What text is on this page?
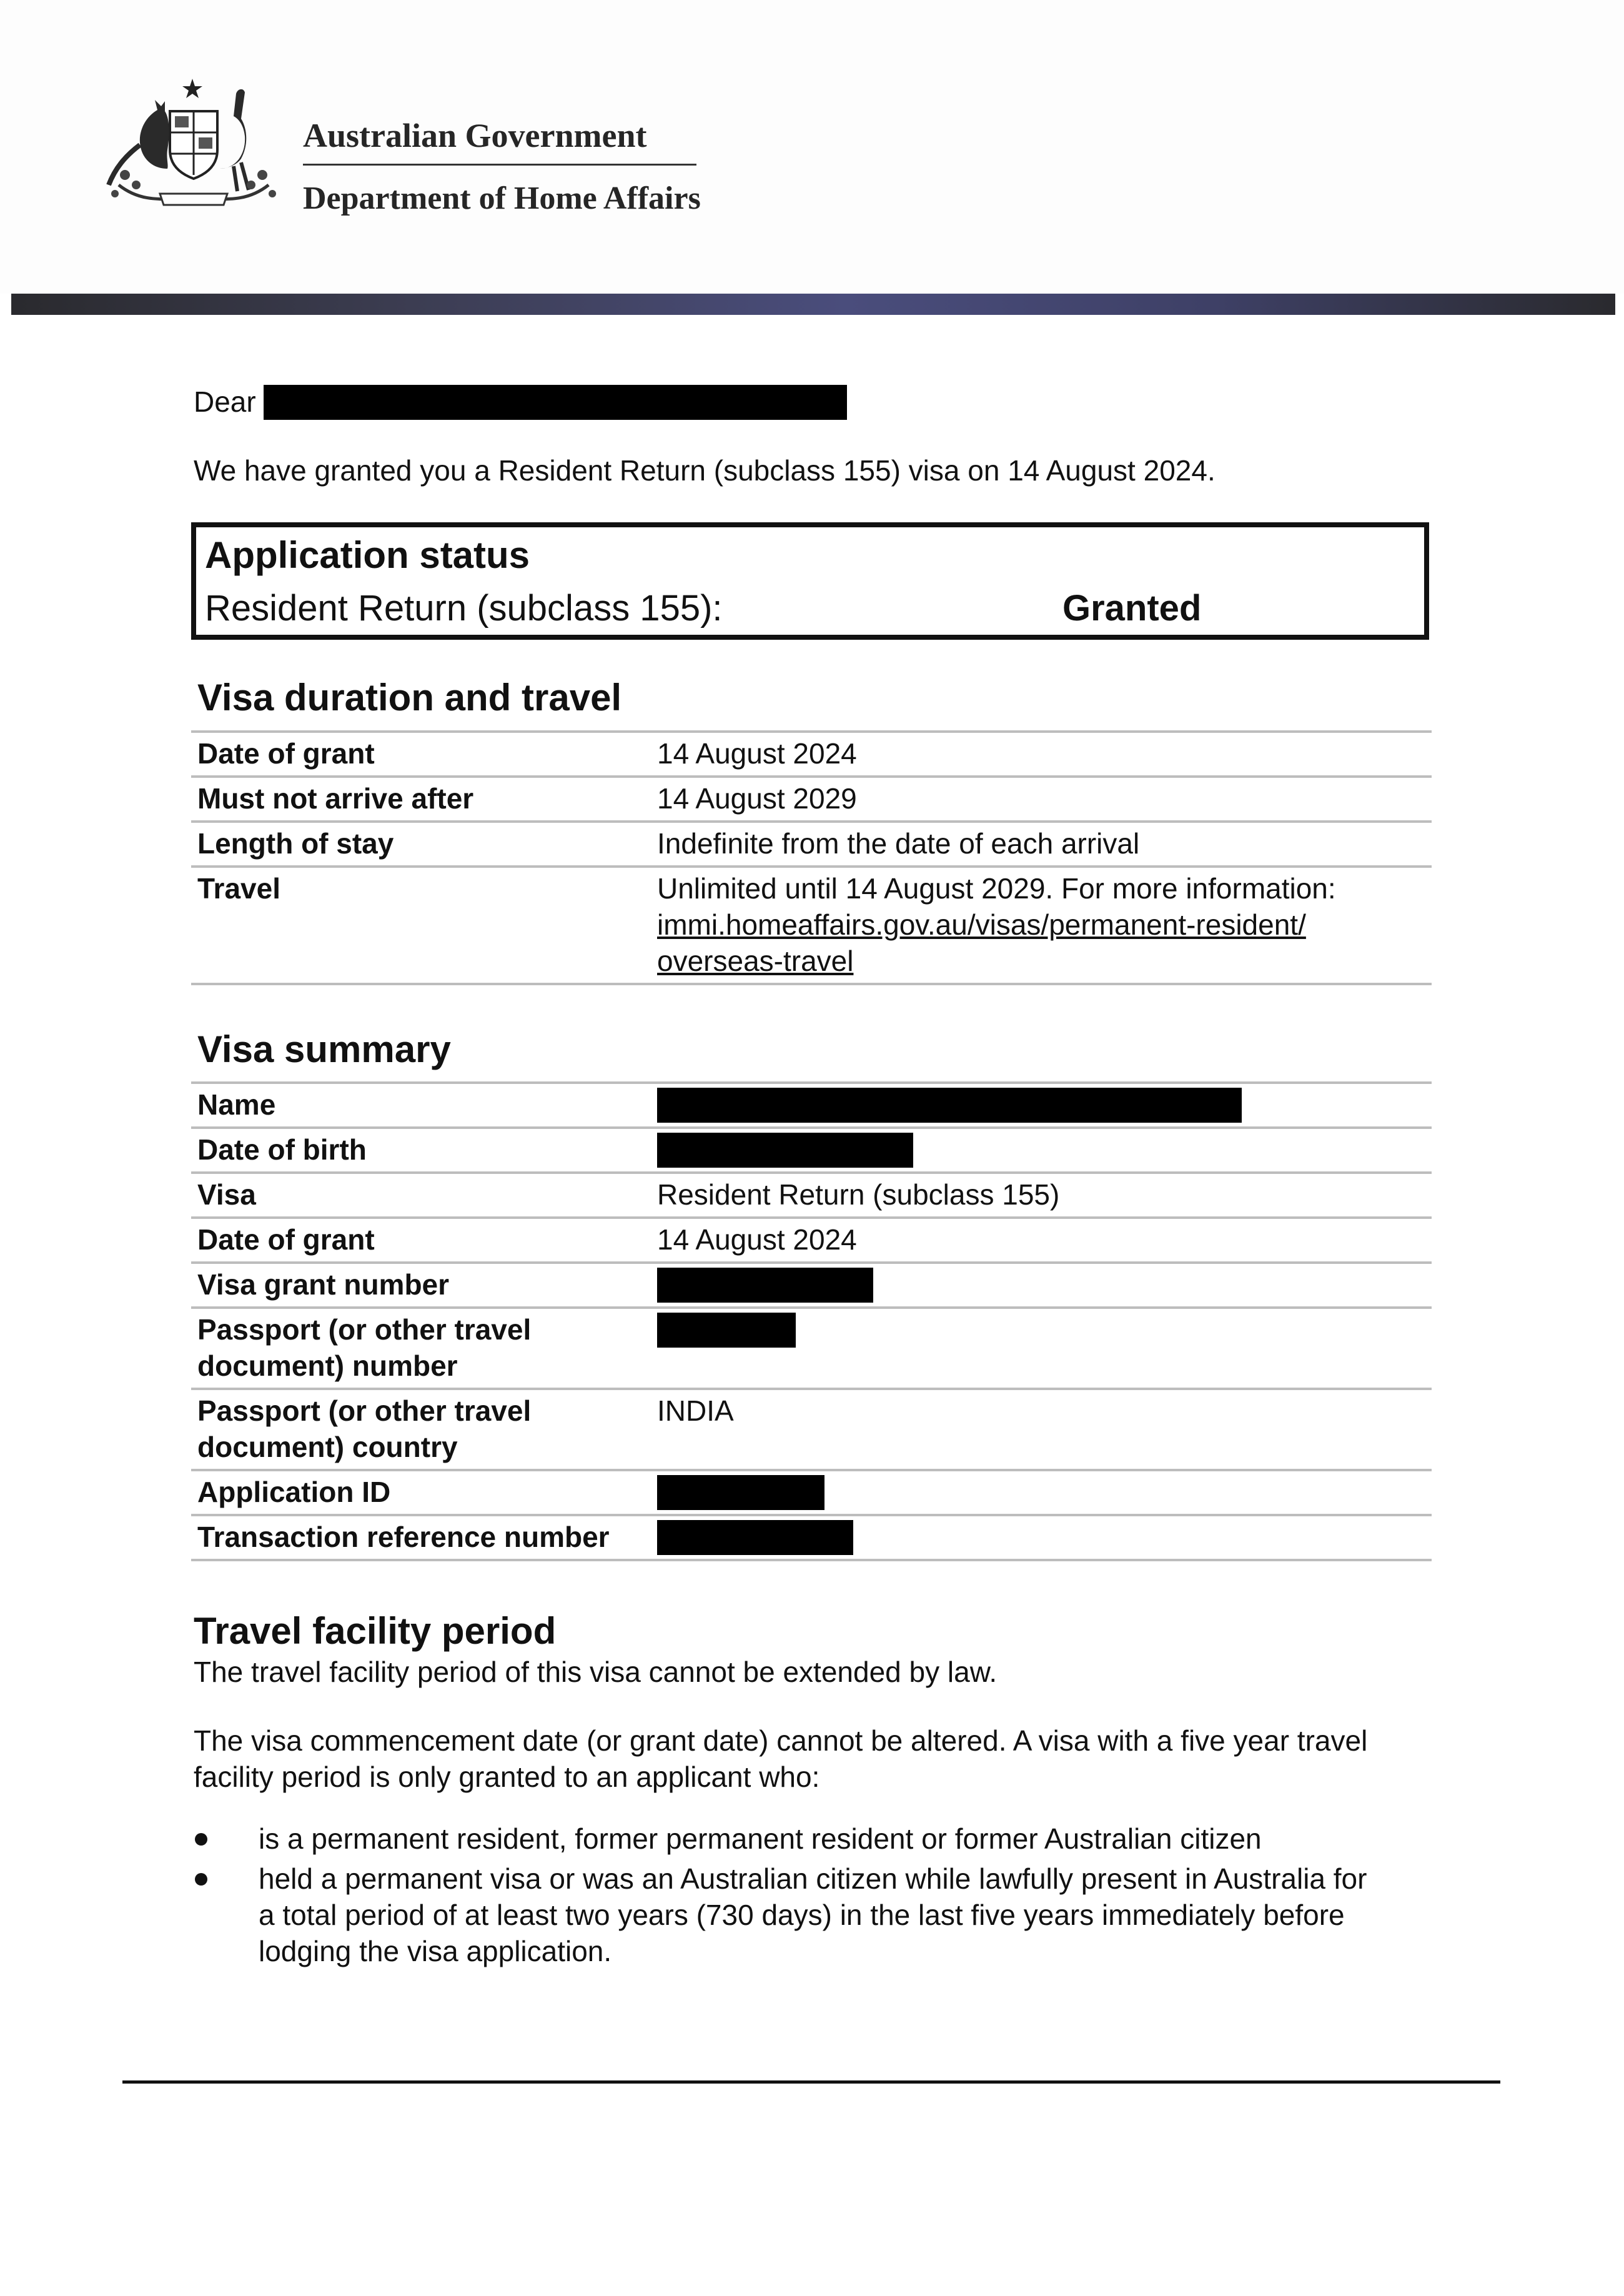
Australian Government
Department of Home Affairs

Dear

We have granted you a Resident Return (subclass 155) visa on 14 August 2024.

Application status
Resident Return (subclass 155):	Granted
Visa duration and travel
Date of grant	14 August 2024
Must not arrive after	14 August 2029
Length of stay	Indefinite from the date of each arrival
Travel	Unlimited until 14 August 2029. For more information:
immi.homeaffairs.gov.au/visas/permanent-resident/
overseas-travel
Visa summary
Name	
Date of birth	
Visa	Resident Return (subclass 155)
Date of grant	14 August 2024
Visa grant number	

Passport (or other travel
document) number	

Passport (or other travel
document) country	INDIA
Application ID	
Transaction reference number	
Travel facility period

The travel facility period of this visa cannot be extended by law.

The visa commencement date (or grant date) cannot be altered. A visa with a five year travel
facility period is only granted to an applicant who:

is a permanent resident, former permanent resident or former Australian citizen
held a permanent visa or was an Australian citizen while lawfully present in Australia for
a total period of at least two years (730 days) in the last five years immediately before
lodging the visa application.
